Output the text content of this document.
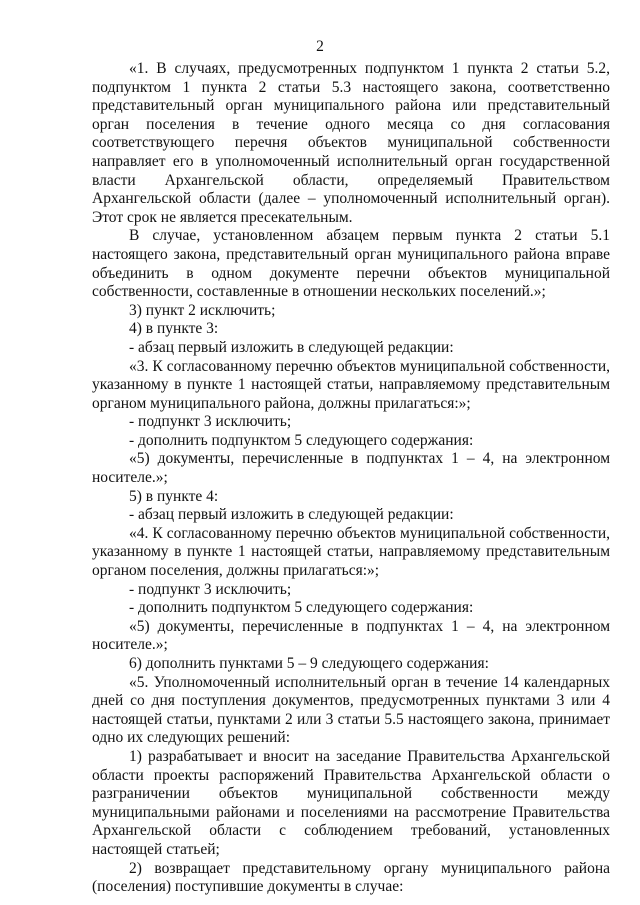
2

«1. В случаях, предусмотренных подпунктом 1 пункта 2 статьи 5.2, подпунктом 1 пункта 2 статьи 5.3 настоящего закона, соответственно представительный орган муниципального района или представительный орган поселения в течение одного месяца со дня согласования соответствующего перечня объектов муниципальной собственности направляет его в уполномоченный исполнительный орган государственной власти Архангельской области, определяемый Правительством Архангельской области (далее – уполномоченный исполнительный орган). Этот срок не является пресекательным.

В случае, установленном абзацем первым пункта 2 статьи 5.1 настоящего закона, представительный орган муниципального района вправе объединить в одном документе перечни объектов муниципальной собственности, составленные в отношении нескольких поселений.»;

3) пункт 2 исключить;

4) в пункте 3:

- абзац первый изложить в следующей редакции:

«3. К согласованному перечню объектов муниципальной собственности, указанному в пункте 1 настоящей статьи, направляемому представительным органом муниципального района, должны прилагаться:»;

- подпункт 3 исключить;

- дополнить подпунктом 5 следующего содержания:

«5) документы, перечисленные в подпунктах 1 – 4, на электронном носителе.»;

5) в пункте 4:

- абзац первый изложить в следующей редакции:

«4. К согласованному перечню объектов муниципальной собственности, указанному в пункте 1 настоящей статьи, направляемому представительным органом поселения, должны прилагаться:»;

- подпункт 3 исключить;

- дополнить подпунктом 5 следующего содержания:

«5) документы, перечисленные в подпунктах 1 – 4, на электронном носителе.»;

6) дополнить пунктами 5 – 9 следующего содержания:

«5. Уполномоченный исполнительный орган в течение 14 календарных дней со дня поступления документов, предусмотренных пунктами 3 или 4 настоящей статьи, пунктами 2 или 3 статьи 5.5 настоящего закона, принимает одно их следующих решений:

1) разрабатывает и вносит на заседание Правительства Архангельской области проекты распоряжений Правительства Архангельской области о разграничении объектов муниципальной собственности между муниципальными районами и поселениями на рассмотрение Правительства Архангельской области с соблюдением требований, установленных настоящей статьей;

2) возвращает представительному органу муниципального района (поселения) поступившие документы в случае:
